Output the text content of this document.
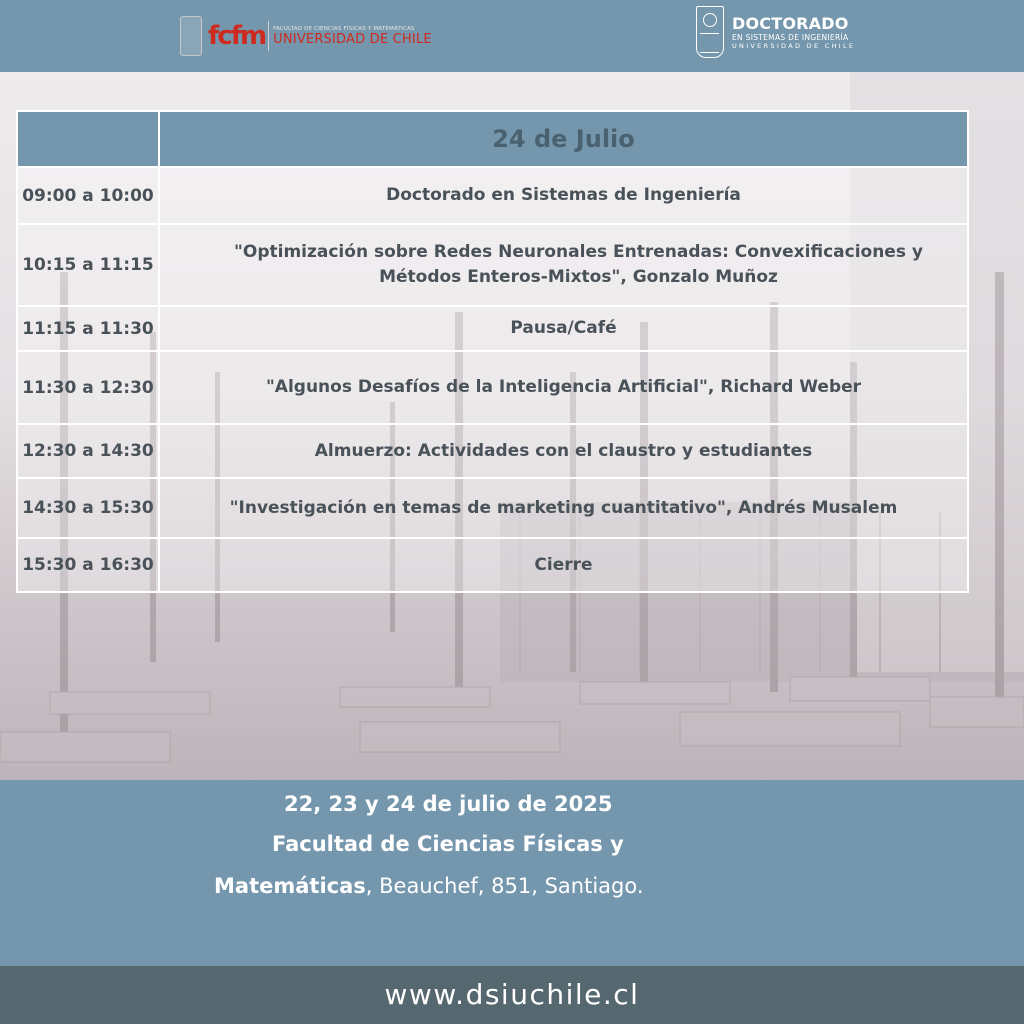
fcfm FACULTAD DE CIENCIAS FÍSICAS Y MATEMÁTICAS
UNIVERSIDAD DE CHILE
DOCTORADO
EN SISTEMAS DE INGENIERÍA
UNIVERSIDAD DE CHILE
	24 de Julio
09:00 a 10:00	Doctorado en Sistemas de Ingeniería
10:15 a 11:15	"Optimización sobre Redes Neuronales Entrenadas: Convexificaciones y Métodos Enteros-Mixtos", Gonzalo Muñoz
11:15 a 11:30	Pausa/Café
11:30 a 12:30	"Algunos Desafíos de la Inteligencia Artificial", Richard Weber
12:30 a 14:30	Almuerzo: Actividades con el claustro y estudiantes
14:30 a 15:30	"Investigación en temas de marketing cuantitativo", Andrés Musalem
15:30 a 16:30	Cierre
22, 23 y 24 de julio de 2025
Facultad de Ciencias Físicas y
Matemáticas, Beauchef, 851, Santiago.
www.dsiuchile.cl
